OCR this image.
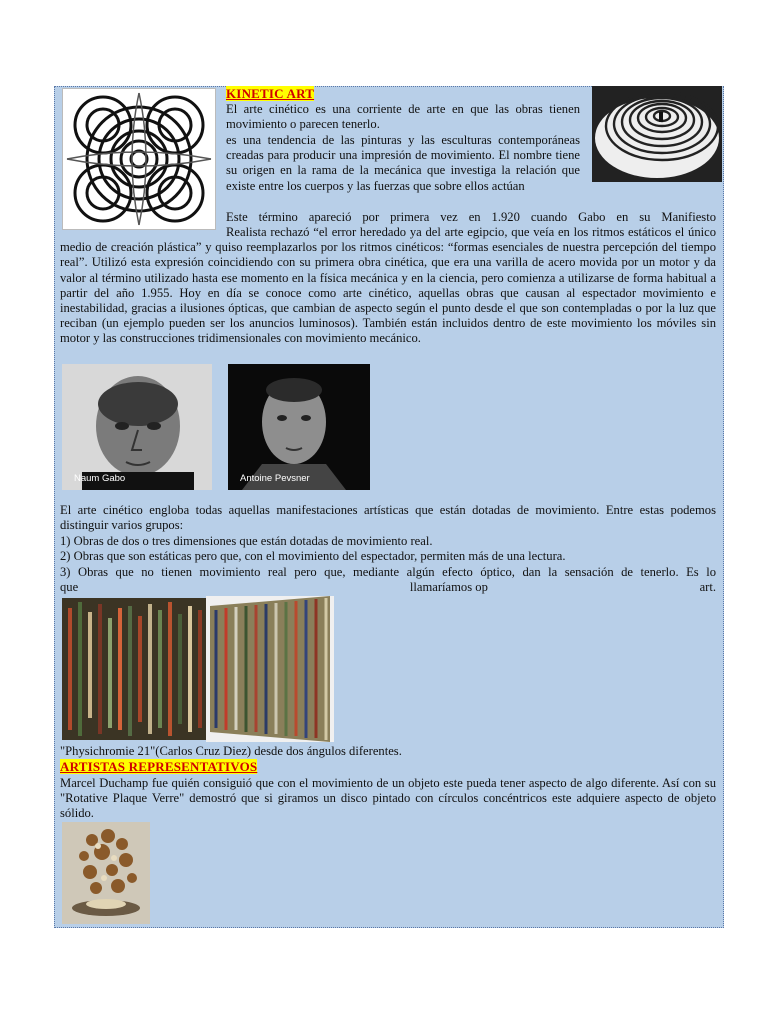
KINETIC ART
El arte cinético es una corriente de arte en que las obras tienen movimiento o parecen tenerlo.
es una tendencia de las pinturas y las esculturas contemporáneas creadas para producir una impresión de movimiento. El nombre tiene su origen en la rama de la mecánica que investiga la relación que existe entre los cuerpos y las fuerzas que sobre ellos actúan
Este término apareció por primera vez en 1.920 cuando Gabo en su Manifiesto
Realista rechazó “el error heredado ya del arte egipcio, que veía en los ritmos estáticos el único medio de creación plástica” y quiso reemplazarlos por los ritmos cinéticos: “formas esenciales de nuestra percepción del tiempo real”. Utilizó esta expresión coincidiendo con su primera obra cinética, que era una varilla de acero movida por un motor y da valor al término utilizado hasta ese momento en la física mecánica y en la ciencia, pero comienza a utilizarse de forma habitual a partir del año 1.955. Hoy en día se conoce como arte cinético, aquellas obras que causan al espectador movimiento e inestabilidad, gracias a ilusiones ópticas, que cambian de aspecto según el punto desde el que son contempladas o por la luz que reciban (un ejemplo pueden ser los anuncios luminosos). También están incluidos dentro de este movimiento los móviles sin motor y las construcciones tridimensionales con movimiento mecánico.
Naum Gabo	Antoine Pevsner
El arte cinético engloba todas aquellas manifestaciones artísticas que están dotadas de movimiento. Entre estas podemos distinguir varios grupos:
1) Obras de dos o tres dimensiones que están dotadas de movimiento real.
2) Obras que son estáticas pero que, con el movimiento del espectador, permiten más de una lectura.
3) Obras que no tienen movimiento real pero que, mediante algún efecto óptico, dan la sensación de tenerlo. Es lo
que	llamaríamos op	art.
"Physichromie 21"(Carlos Cruz Diez) desde dos ángulos diferentes.
ARTISTAS REPRESENTATIVOS
Marcel Duchamp fue quién consiguió que con el movimiento de un objeto este pueda tener aspecto de algo diferente. Así con su "Rotative Plaque Verre" demostró que si giramos un disco pintado con círculos concéntricos este adquiere aspecto de objeto sólido.
